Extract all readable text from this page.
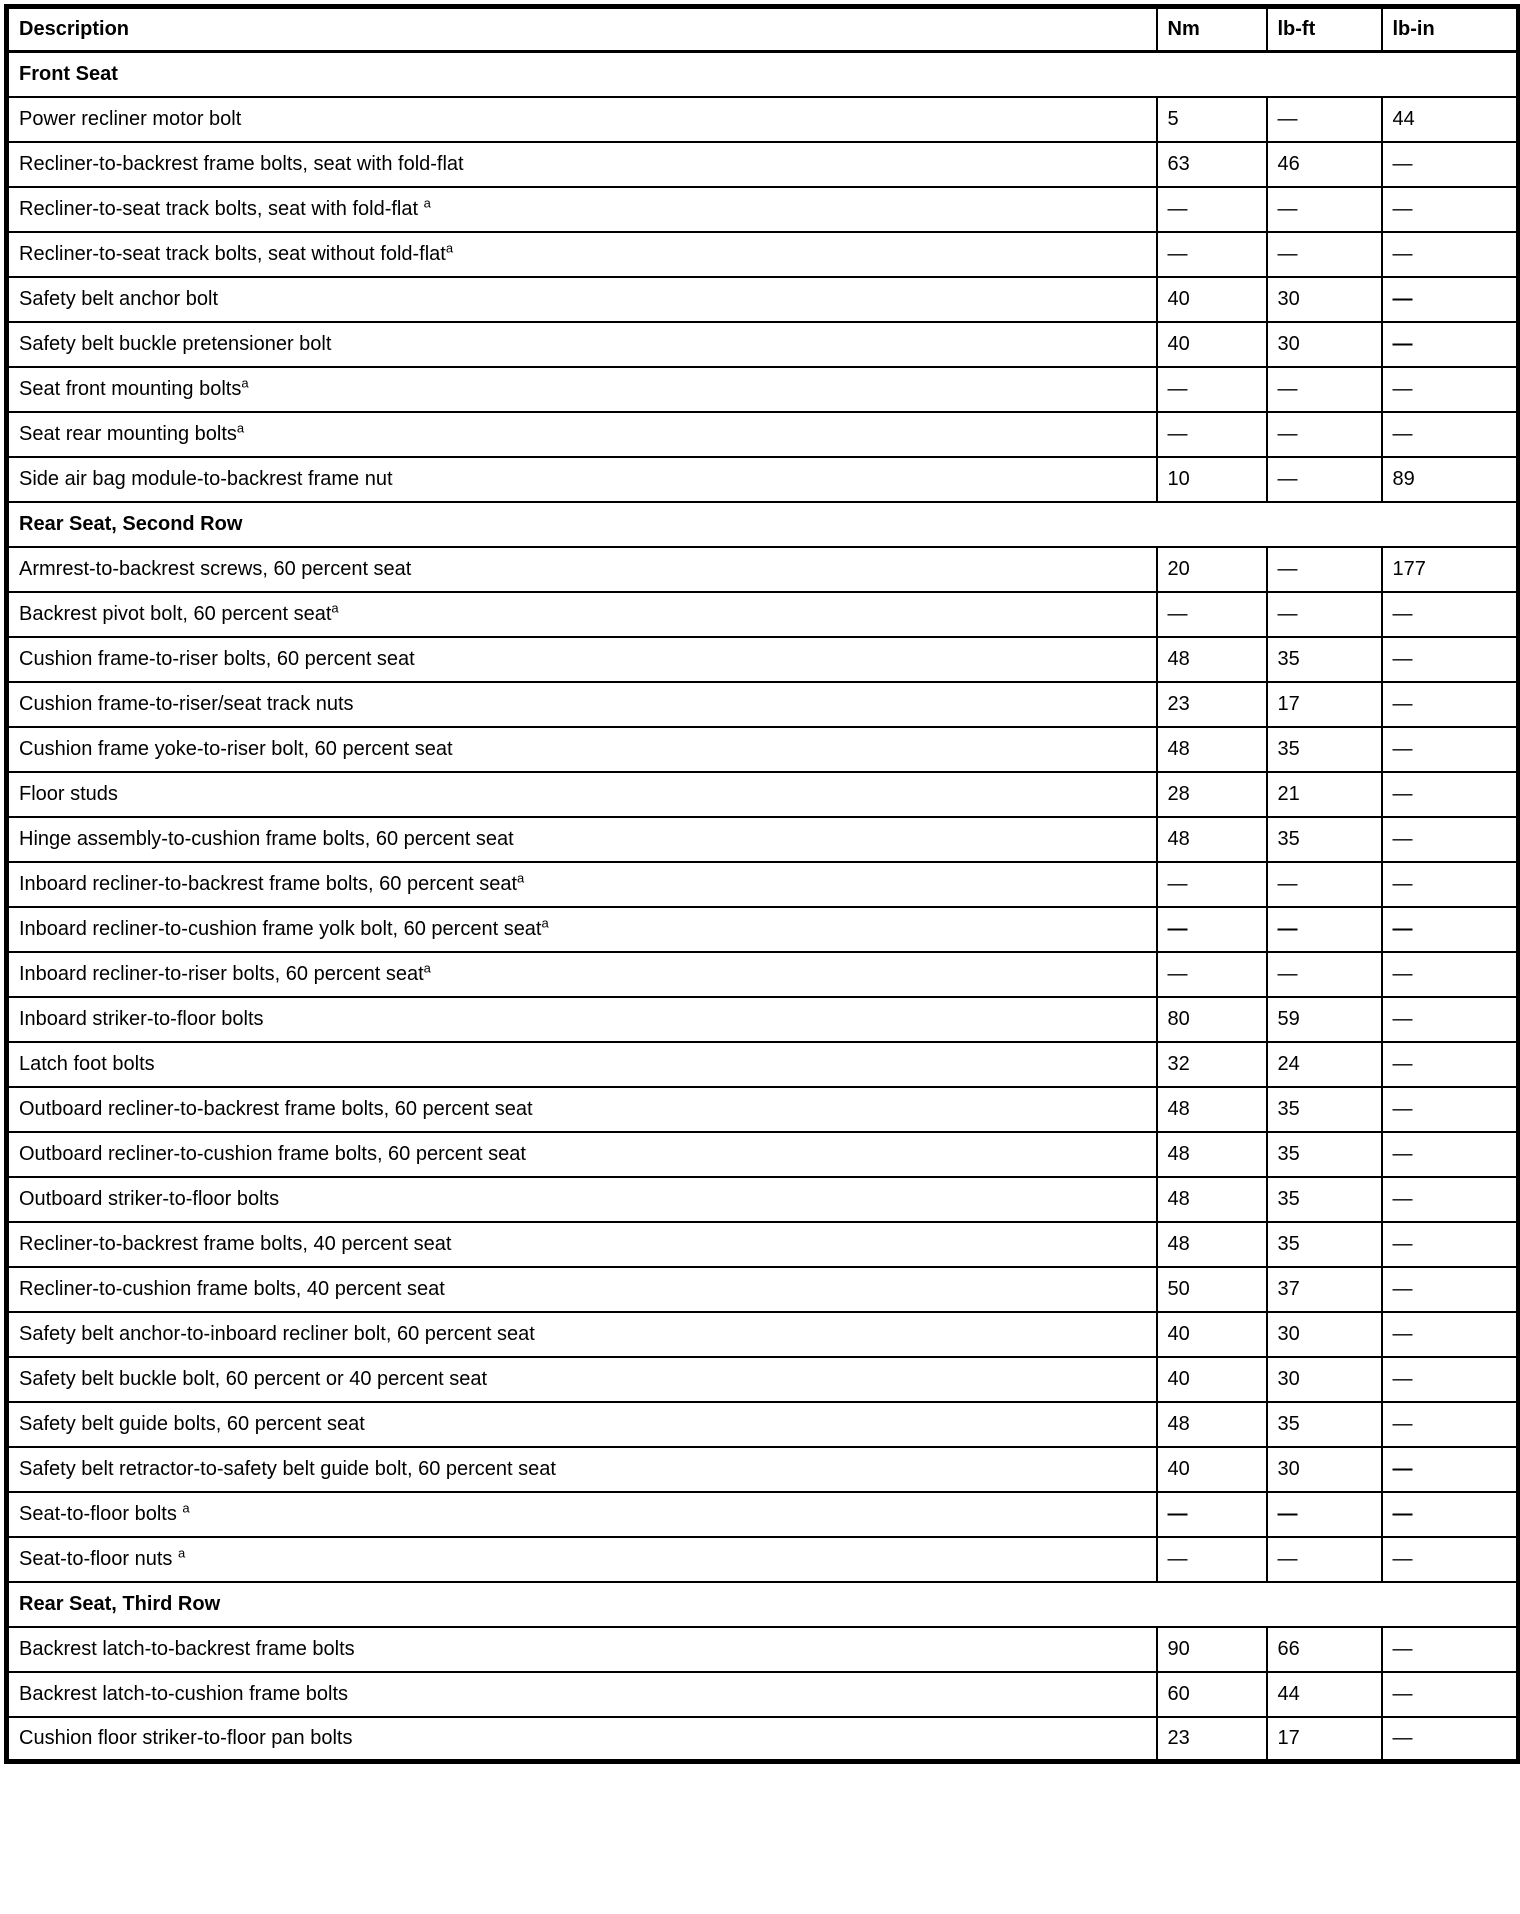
Description	Nm	lb-ft	lb-in
Front Seat			
Power recliner motor bolt	5	—	44
Recliner-to-backrest frame bolts, seat with fold-flat	63	46	—
Recliner-to-seat track bolts, seat with fold-flat $^a$	—	—	—
Recliner-to-seat track bolts, seat without fold-flat$^a$	—	—	—
Safety belt anchor bolt	40	30	—
Safety belt buckle pretensioner bolt	40	30	—
Seat front mounting bolts$^a$	—	—	—
Seat rear mounting bolts$^a$	—	—	—
Side air bag module-to-backrest frame nut	10	—	89
Rear Seat, Second Row			
Armrest-to-backrest screws, 60 percent seat	20	—	177
Backrest pivot bolt, 60 percent seat$^a$	—	—	—
Cushion frame-to-riser bolts, 60 percent seat	48	35	—
Cushion frame-to-riser/seat track nuts	23	17	—
Cushion frame yoke-to-riser bolt, 60 percent seat	48	35	—
Floor studs	28	21	—
Hinge assembly-to-cushion frame bolts, 60 percent seat	48	35	—
Inboard recliner-to-backrest frame bolts, 60 percent seat$^a$	—	—	—
Inboard recliner-to-cushion frame yolk bolt, 60 percent seat$^a$	—	—	—
Inboard recliner-to-riser bolts, 60 percent seat$^a$	—	—	—
Inboard striker-to-floor bolts	80	59	—
Latch foot bolts	32	24	—
Outboard recliner-to-backrest frame bolts, 60 percent seat	48	35	—
Outboard recliner-to-cushion frame bolts, 60 percent seat	48	35	—
Outboard striker-to-floor bolts	48	35	—
Recliner-to-backrest frame bolts, 40 percent seat	48	35	—
Recliner-to-cushion frame bolts, 40 percent seat	50	37	—
Safety belt anchor-to-inboard recliner bolt, 60 percent seat	40	30	—
Safety belt buckle bolt, 60 percent or 40 percent seat	40	30	—
Safety belt guide bolts, 60 percent seat	48	35	—
Safety belt retractor-to-safety belt guide bolt, 60 percent seat	40	30	—
Seat-to-floor bolts $^a$	—	—	—
Seat-to-floor nuts $^a$	—	—	—
Rear Seat, Third Row			
Backrest latch-to-backrest frame bolts	90	66	—
Backrest latch-to-cushion frame bolts	60	44	—
Cushion floor striker-to-floor pan bolts	23	17	—
